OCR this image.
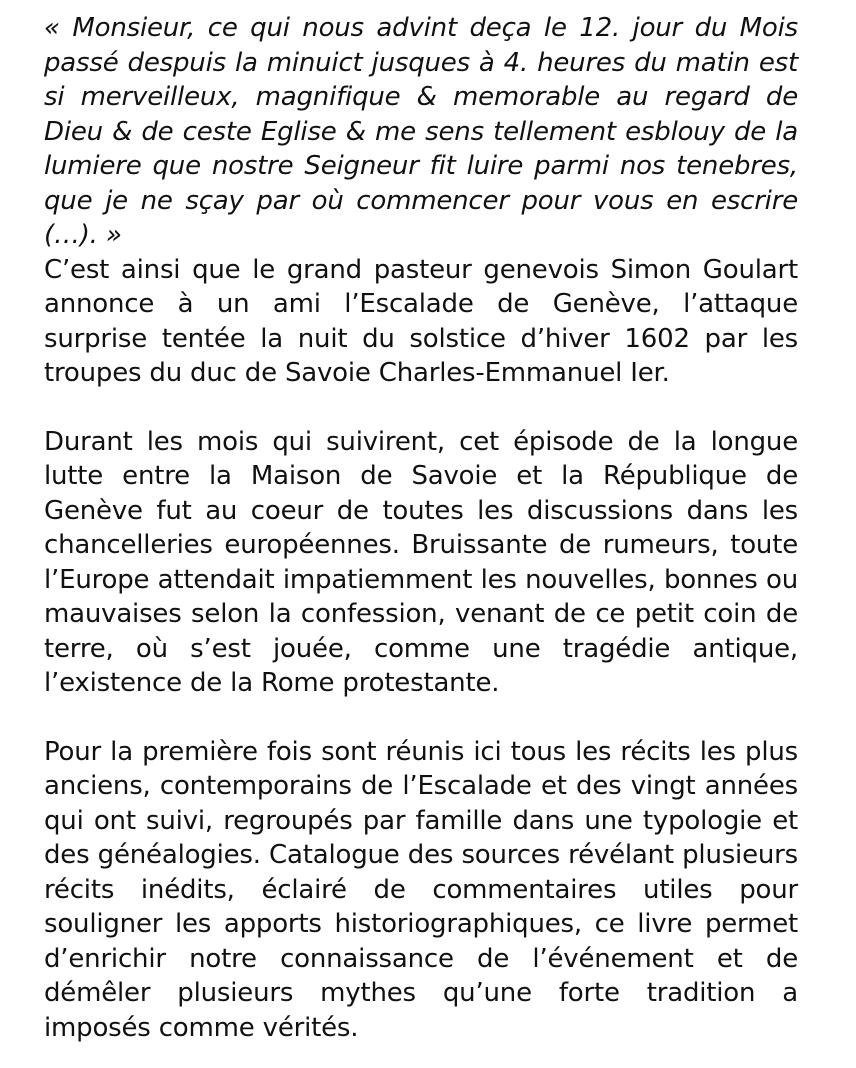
« Monsieur, ce qui nous advint deça le 12. jour du Mois passé despuis la minuict jusques à 4. heures du matin est si merveilleux, magnifique & memorable au regard de Dieu & de ceste Eglise & me sens tellement esblouy de la lumiere que nostre Seigneur fit luire parmi nos tenebres, que je ne sçay par où commencer pour vous en escrire (…). »

C’est ainsi que le grand pasteur genevois Simon Goulart annonce à un ami l’Escalade de Genève, l’attaque surprise tentée la nuit du solstice d’hiver 1602 par les troupes du duc de Savoie Charles-Emmanuel Ier.

Durant les mois qui suivirent, cet épisode de la longue lutte entre la Maison de Savoie et la République de Genève fut au coeur de toutes les discussions dans les chancelleries européennes. Bruissante de rumeurs, toute l’Europe attendait impatiemment les nouvelles, bonnes ou mauvaises selon la confession, venant de ce petit coin de terre, où s’est jouée, comme une tragédie antique, l’existence de la Rome protestante.

Pour la première fois sont réunis ici tous les récits les plus anciens, contemporains de l’Escalade et des vingt années qui ont suivi, regroupés par famille dans une typologie et des généalogies. Catalogue des sources révélant plusieurs récits inédits, éclairé de commentaires utiles pour souligner les apports historiographiques, ce livre permet d’enrichir notre connaissance de l’événement et de démêler plusieurs mythes qu’une forte tradition a imposés comme vérités.
